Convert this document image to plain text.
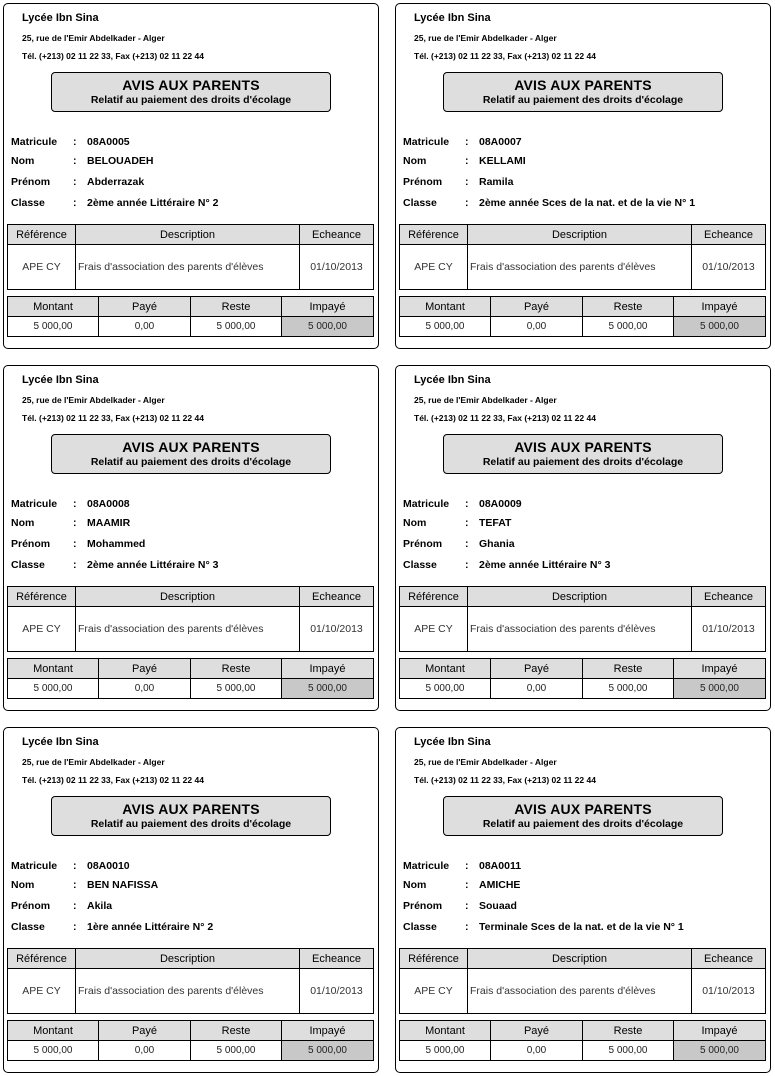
Lycée Ibn Sina
25, rue de l'Emir Abdelkader - Alger
Tél. (+213) 02 11 22 33, Fax (+213) 02 11 22 44
AVIS AUX PARENTS
Relatif au paiement des droits d'écolage
Matricule	: 08A0005
Nom	: BELOUADEH
Prénom	: Abderrazak
Classe	: 2ème année Littéraire N° 2
Référence	Description	Echeance
APE CY	Frais d'association des parents d'élèves	01/10/2013
Montant	Payé	Reste	Impayé
5 000,00	0,00	5 000,00	5 000,00
Lycée Ibn Sina
25, rue de l'Emir Abdelkader - Alger
Tél. (+213) 02 11 22 33, Fax (+213) 02 11 22 44
AVIS AUX PARENTS
Relatif au paiement des droits d'écolage
Matricule	: 08A0007
Nom	: KELLAMI
Prénom	: Ramila
Classe	: 2ème année Sces de la nat. et de la vie N° 1
Référence	Description	Echeance
APE CY	Frais d'association des parents d'élèves	01/10/2013
Montant	Payé	Reste	Impayé
5 000,00	0,00	5 000,00	5 000,00
Lycée Ibn Sina
25, rue de l'Emir Abdelkader - Alger
Tél. (+213) 02 11 22 33, Fax (+213) 02 11 22 44
AVIS AUX PARENTS
Relatif au paiement des droits d'écolage
Matricule	: 08A0008
Nom	: MAAMIR
Prénom	: Mohammed
Classe	: 2ème année Littéraire N° 3
Référence	Description	Echeance
APE CY	Frais d'association des parents d'élèves	01/10/2013
Montant	Payé	Reste	Impayé
5 000,00	0,00	5 000,00	5 000,00
Lycée Ibn Sina
25, rue de l'Emir Abdelkader - Alger
Tél. (+213) 02 11 22 33, Fax (+213) 02 11 22 44
AVIS AUX PARENTS
Relatif au paiement des droits d'écolage
Matricule	: 08A0009
Nom	: TEFAT
Prénom	: Ghania
Classe	: 2ème année Littéraire N° 3
Référence	Description	Echeance
APE CY	Frais d'association des parents d'élèves	01/10/2013
Montant	Payé	Reste	Impayé
5 000,00	0,00	5 000,00	5 000,00
Lycée Ibn Sina
25, rue de l'Emir Abdelkader - Alger
Tél. (+213) 02 11 22 33, Fax (+213) 02 11 22 44
AVIS AUX PARENTS
Relatif au paiement des droits d'écolage
Matricule	: 08A0010
Nom	: BEN NAFISSA
Prénom	: Akila
Classe	: 1ère année Littéraire N° 2
Référence	Description	Echeance
APE CY	Frais d'association des parents d'élèves	01/10/2013
Montant	Payé	Reste	Impayé
5 000,00	0,00	5 000,00	5 000,00
Lycée Ibn Sina
25, rue de l'Emir Abdelkader - Alger
Tél. (+213) 02 11 22 33, Fax (+213) 02 11 22 44
AVIS AUX PARENTS
Relatif au paiement des droits d'écolage
Matricule	: 08A0011
Nom	: AMICHE
Prénom	: Souaad
Classe	: Terminale Sces de la nat. et de la vie N° 1
Référence	Description	Echeance
APE CY	Frais d'association des parents d'élèves	01/10/2013
Montant	Payé	Reste	Impayé
5 000,00	0,00	5 000,00	5 000,00
